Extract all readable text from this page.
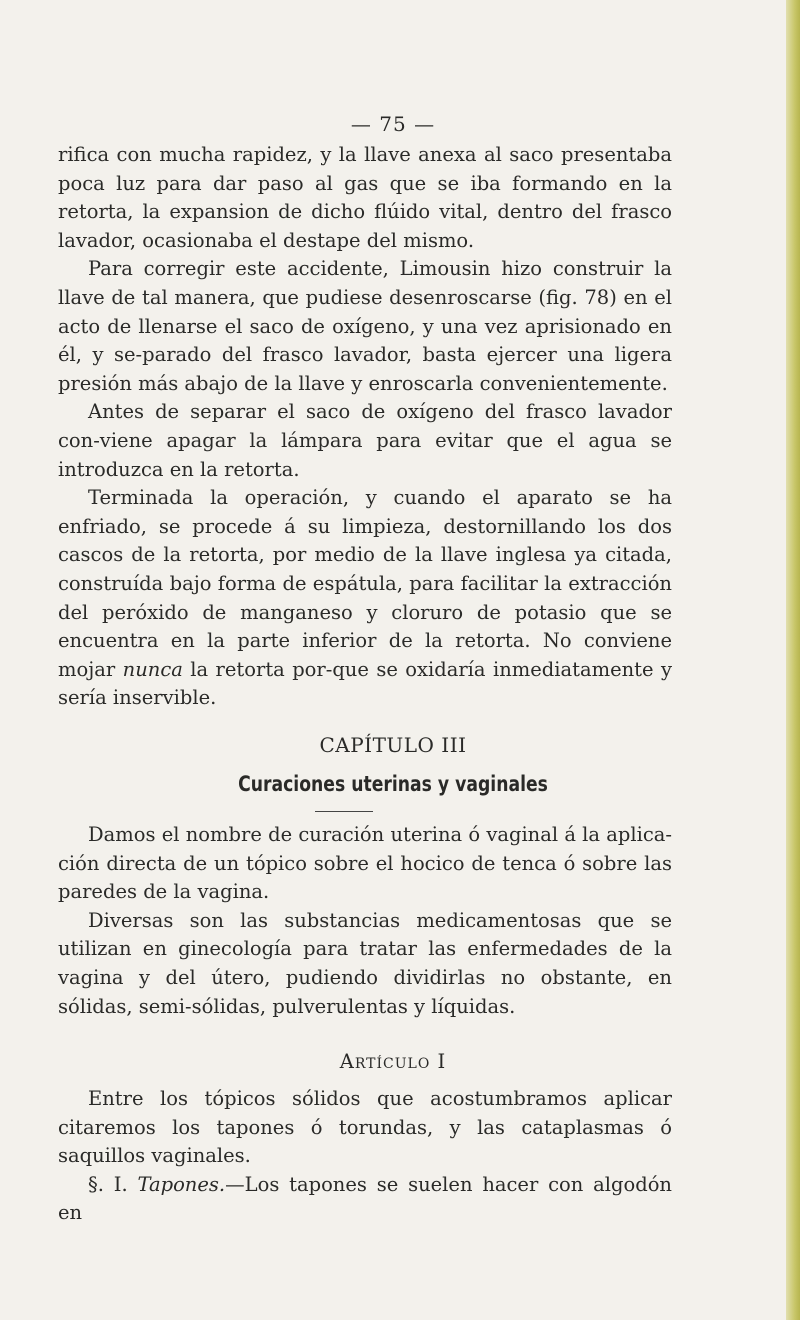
— 75 —

rifica con mucha rapidez, y la llave anexa al saco presentaba poca luz para dar paso al gas que se iba formando en la retorta, la expansion de dicho flúido vital, dentro del frasco lavador, ocasionaba el destape del mismo.

Para corregir este accidente, Limousin hizo construir la llave de tal manera, que pudiese desenroscarse (fig. 78) en el acto de llenarse el saco de oxígeno, y una vez aprisionado en él, y se-parado del frasco lavador, basta ejercer una ligera presión más abajo de la llave y enroscarla convenientemente.

Antes de separar el saco de oxígeno del frasco lavador con-viene apagar la lámpara para evitar que el agua se introduzca en la retorta.

Terminada la operación, y cuando el aparato se ha enfriado, se procede á su limpieza, destornillando los dos cascos de la retorta, por medio de la llave inglesa ya citada, construída bajo forma de espátula, para facilitar la extracción del peróxido de manganeso y cloruro de potasio que se encuentra en la parte inferior de la retorta. No conviene mojar nunca la retorta por-que se oxidaría inmediatamente y sería inservible.

CAPÍTULO III
Curaciones uterinas y vaginales

Damos el nombre de curación uterina ó vaginal á la aplica-ción directa de un tópico sobre el hocico de tenca ó sobre las paredes de la vagina.

Diversas son las substancias medicamentosas que se utilizan en ginecología para tratar las enfermedades de la vagina y del útero, pudiendo dividirlas no obstante, en sólidas, semi-sólidas, pulverulentas y líquidas.

Artículo I

Entre los tópicos sólidos que acostumbramos aplicar citaremos los tapones ó torundas, y las cataplasmas ó saquillos vaginales.

§. I. Tapones.—Los tapones se suelen hacer con algodón en
